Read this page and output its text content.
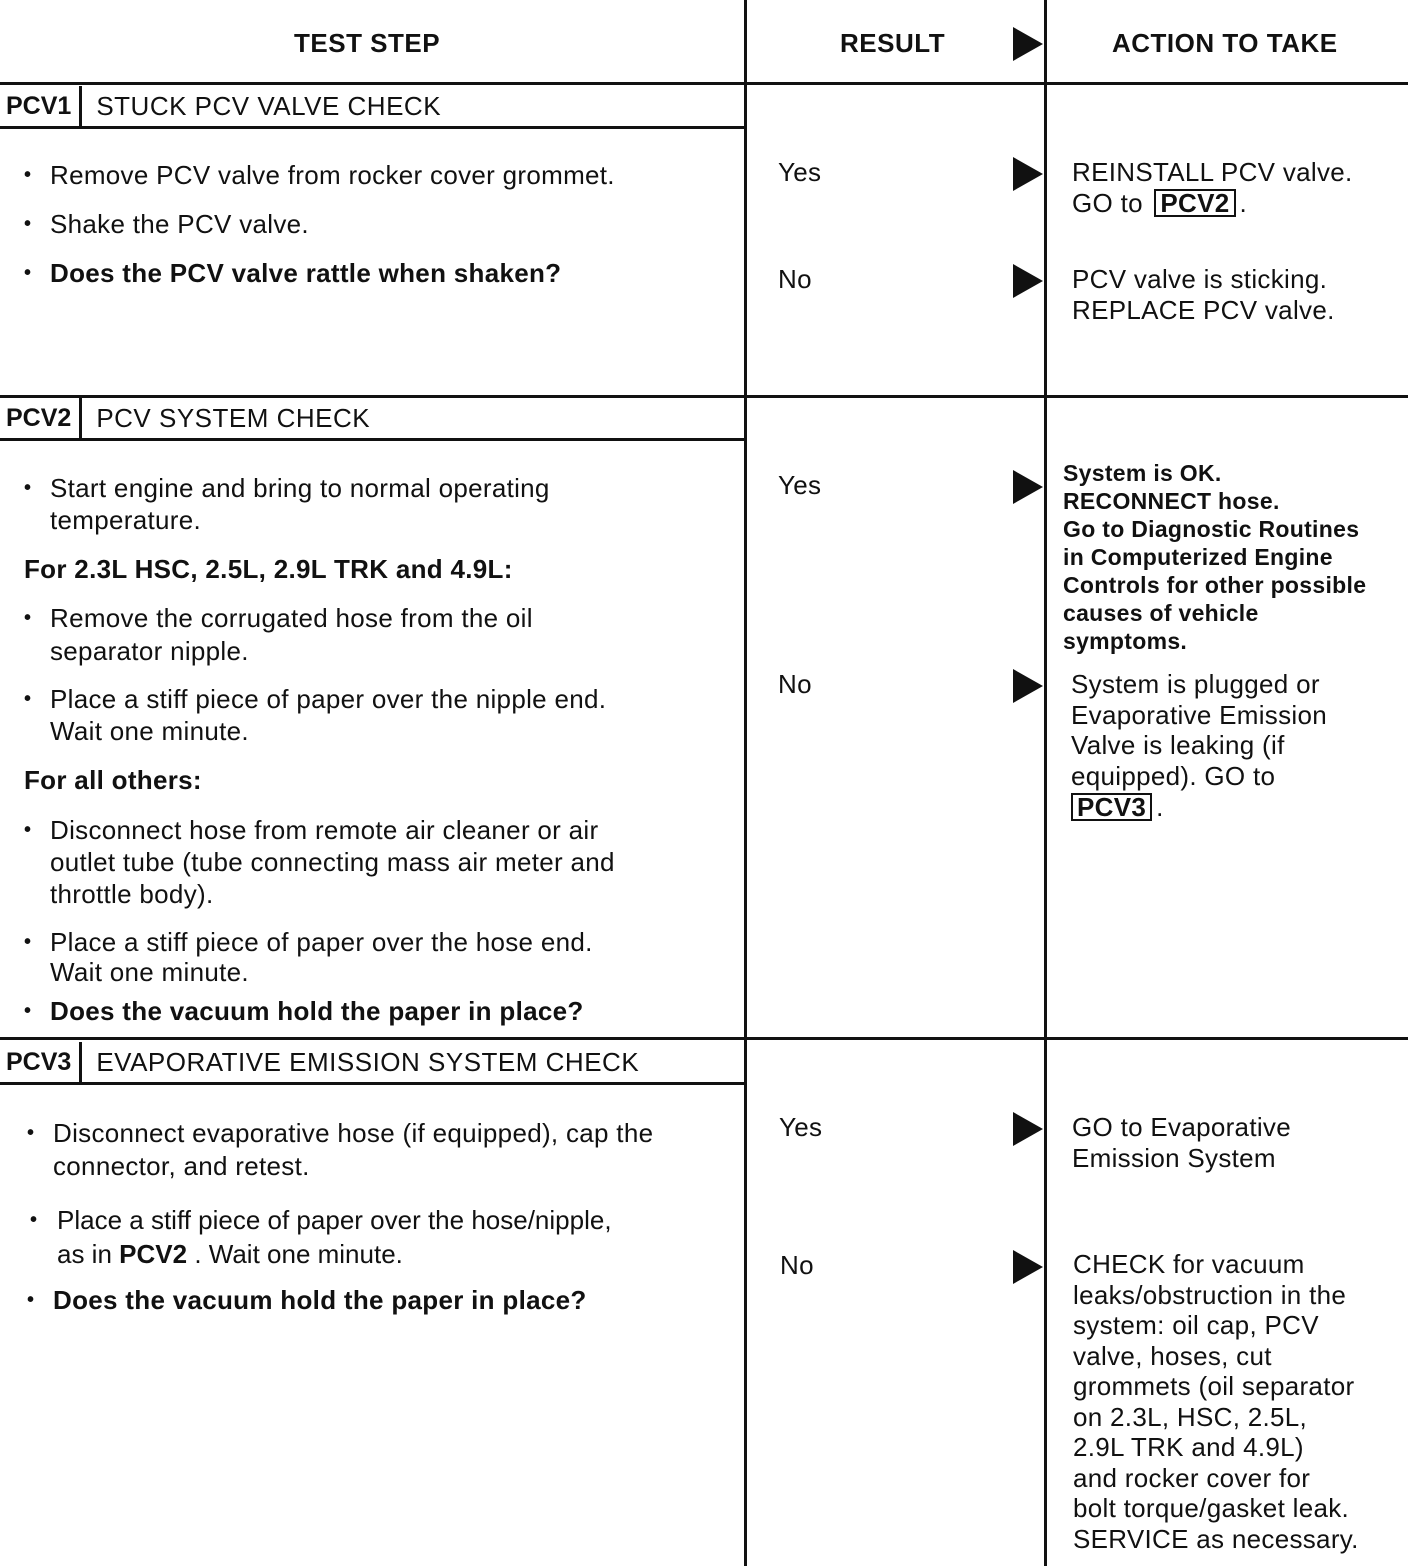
TEST STEP	RESULT	ACTION TO TAKE
PCV1 STUCK PCV VALVE CHECK
• Remove PCV valve from rocker cover grommet.
• Shake the PCV valve.
• Does the PCV valve rattle when shaken?
Yes	REINSTALL PCV valve.
GO to PCV2 .
No	PCV valve is sticking.
REPLACE PCV valve.
PCV2 PCV SYSTEM CHECK
• Start engine and bring to normal operating
temperature.
For 2.3L HSC, 2.5L, 2.9L TRK and 4.9L:
• Remove the corrugated hose from the oil
separator nipple.
• Place a stiff piece of paper over the nipple end.
Wait one minute.
For all others:
• Disconnect hose from remote air cleaner or air
outlet tube (tube connecting mass air meter and
throttle body).
• Place a stiff piece of paper over the hose end.
Wait one minute.
• Does the vacuum hold the paper in place?
Yes	System is OK.
RECONNECT hose.
Go to Diagnostic Routines
in Computerized Engine
Controls for other possible
causes of vehicle
symptoms.
No	System is plugged or
Evaporative Emission
Valve is leaking (if
equipped). GO to
PCV3 .
PCV3 EVAPORATIVE EMISSION SYSTEM CHECK
• Disconnect evaporative hose (if equipped), cap the
connector, and retest.
• Place a stiff piece of paper over the hose/nipple,
as in PCV2 . Wait one minute.
• Does the vacuum hold the paper in place?
Yes	GO to Evaporative
Emission System
No	CHECK for vacuum
leaks/obstruction in the
system: oil cap, PCV
valve, hoses, cut
grommets (oil separator
on 2.3L, HSC, 2.5L,
2.9L TRK and 4.9L)
and rocker cover for
bolt torque/gasket leak.
SERVICE as necessary.
